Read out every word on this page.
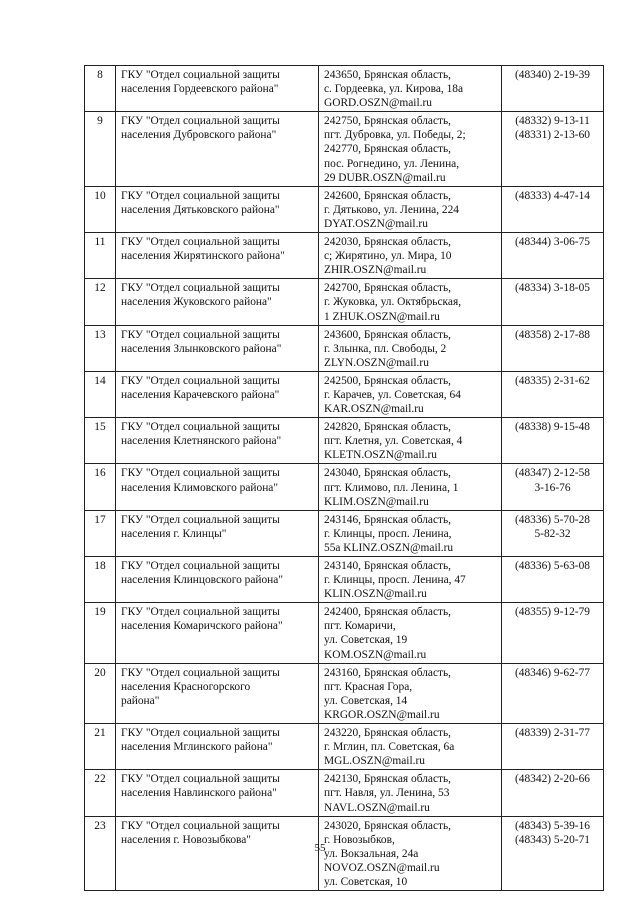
8	ГКУ "Отдел социальной защиты
населения Гордеевского района"	243650, Брянская область,
с. Гордеевка, ул. Кирова, 18а
GORD.OSZN@mail.ru	(48340) 2-19-39

9	ГКУ "Отдел социальной защиты
населения Дубровского района"	242750, Брянская область,
пгт. Дубровка, ул. Победы, 2;
242770, Брянская область,
пос. Рогнедино, ул. Ленина,
29 DUBR.OSZN@mail.ru	(48332) 9-13-11
(48331) 2-13-60

10	ГКУ "Отдел социальной защиты
населения Дятьковского района"	242600, Брянская область,
г. Дятьково, ул. Ленина, 224
DYAT.OSZN@mail.ru	(48333) 4-47-14

11	ГКУ "Отдел социальной защиты
населения Жирятинского района"	242030, Брянская область,
с; Жирятино, ул. Мира, 10
ZHIR.OSZN@mail.ru	(48344) 3-06-75

12	ГКУ "Отдел социальной защиты
населения Жуковского района"	242700, Брянская область,
г. Жуковка, ул. Октябрьская,
1 ZHUK.OSZN@mail.ru	(48334) 3-18-05

13	ГКУ "Отдел социальной защиты
населения Злынковского района"	243600, Брянская область,
г. Злынка, пл. Свободы, 2
ZLYN.OSZN@mail.ru	(48358) 2-17-88

14	ГКУ "Отдел социальной защиты
населения Карачевского района"	242500, Брянская область,
г. Карачев, ул. Советская, 64
KAR.OSZN@mail.ru	(48335) 2-31-62

15	ГКУ "Отдел социальной защиты
населения Клетнянского района"	242820, Брянская область,
пгт. Клетня, ул. Советская, 4
KLETN.OSZN@mail.ru	(48338) 9-15-48

16	ГКУ "Отдел социальной защиты
населения Климовского района"	243040, Брянская область,
пгт. Климово, пл. Ленина, 1
KLIM.OSZN@mail.ru	(48347) 2-12-58
3-16-76

17	ГКУ "Отдел социальной защиты
населения г. Клинцы"	243146, Брянская область,
г. Клинцы, просп. Ленина,
55а KLINZ.OSZN@mail.ru	(48336) 5-70-28
5-82-32

18	ГКУ "Отдел социальной защиты
населения Клинцовского района"	243140, Брянская область,
г. Клинцы, просп. Ленина, 47
KLIN.OSZN@mail.ru	(48336) 5-63-08

19	ГКУ "Отдел социальной защиты
населения Комаричского района"	242400, Брянская область,
пгт. Комаричи,
ул. Советская, 19
KOM.OSZN@mail.ru	(48355) 9-12-79

20	ГКУ "Отдел социальной защиты
населения Красногорского
района"	243160, Брянская область,
пгт. Красная Гора,
ул. Советская, 14
KRGOR.OSZN@mail.ru	(48346) 9-62-77

21	ГКУ "Отдел социальной защиты
населения Мглинского района"	243220, Брянская область,
г. Мглин, пл. Советская, 6а
MGL.OSZN@mail.ru	(48339) 2-31-77

22	ГКУ "Отдел социальной защиты
населения Навлинского района"	242130, Брянская область,
пгт. Навля, ул. Ленина, 53
NAVL.OSZN@mail.ru	(48342) 2-20-66

23	ГКУ "Отдел социальной защиты
населения г. Новозыбкова"	243020, Брянская область,
г. Новозыбков,
ул. Вокзальная, 24а
NOVOZ.OSZN@mail.ru
ул. Советская, 10	(48343) 5-39-16
(48343) 5-20-71
55
